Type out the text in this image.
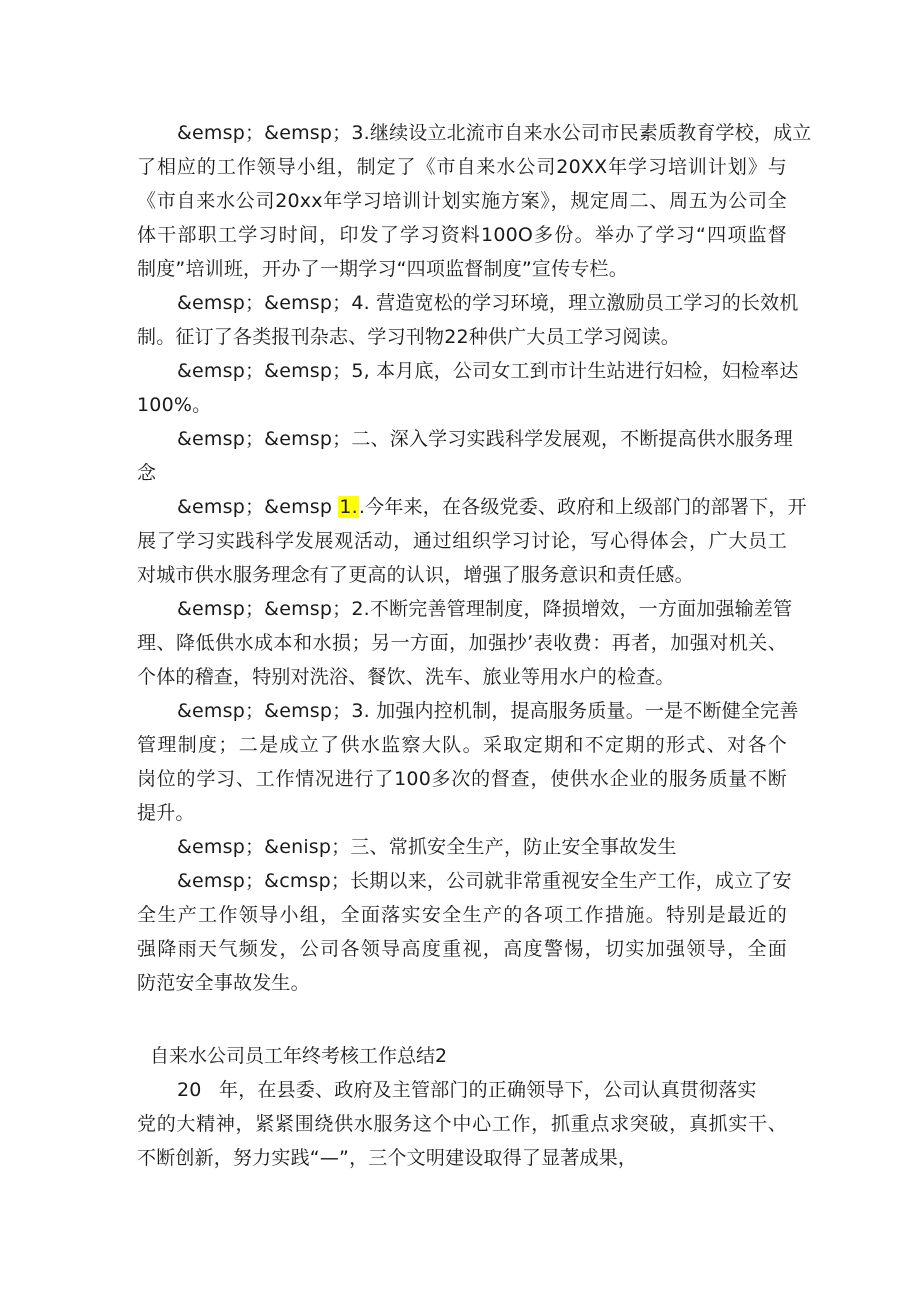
&emsp；&emsp；3.继续设立北流市自来水公司市民素质教育学校，成立
了相应的工作领导小组，制定了《市自来水公司20XX年学习培训计划》与
《市自来水公司20xx年学习培训计划实施方案》，规定周二、周五为公司全
体干部职工学习时间，印发了学习资料100O多份。举办了学习“四项监督
制度”培训班，开办了一期学习“四项监督制度”宣传专栏。
&emsp；&emsp；4. 营造宽松的学习环境，理立激励员工学习的长效机
制。征订了各类报刊杂志、学习刊物22种供广大员工学习阅读。
&emsp；&emsp；5, 本月底，公司女工到市计生站进行妇检，妇检率达
100%。
&emsp；&emsp；二、深入学习实践科学发展观，不断提高供水服务理
念
&emsp；&emsp 1..今年来，在各级党委、政府和上级部门的部署下，开
展了学习实践科学发展观活动，通过组织学习讨论，写心得体会，广大员工
对城市供水服务理念有了更高的认识，增强了服务意识和责任感。
&emsp；&emsp；2.不断完善管理制度，降损增效，一方面加强输差管
理、降低供水成本和水损；另一方面，加强抄’表收费：再者，加强对机关、
个体的稽查，特别对洗浴、餐饮、洗车、旅业等用水户的检查。
&emsp；&emsp；3. 加强内控机制，提高服务质量。一是不断健全完善
管理制度；二是成立了供水监察大队。采取定期和不定期的形式、对各个
岗位的学习、工作情况进行了100多次的督查，使供水企业的服务质量不断
提升。
&emsp；&enisp；三、常抓安全生产，防止安全事故发生
&emsp；&cmsp；长期以来，公司就非常重视安全生产工作，成立了安
全生产工作领导小组，全面落实安全生产的各项工作措施。特别是最近的
强降雨天气频发，公司各领导高度重视，高度警惕，切实加强领导，全面
防范安全事故发生。
自来水公司员工年终考核工作总结2
20 年，在县委、政府及主管部门的正确领导下，公司认真贯彻落实
党的大精神，紧紧围绕供水服务这个中心工作，抓重点求突破，真抓实干、
不断创新，努力实践“—”，三个文明建设取得了显著成果，
